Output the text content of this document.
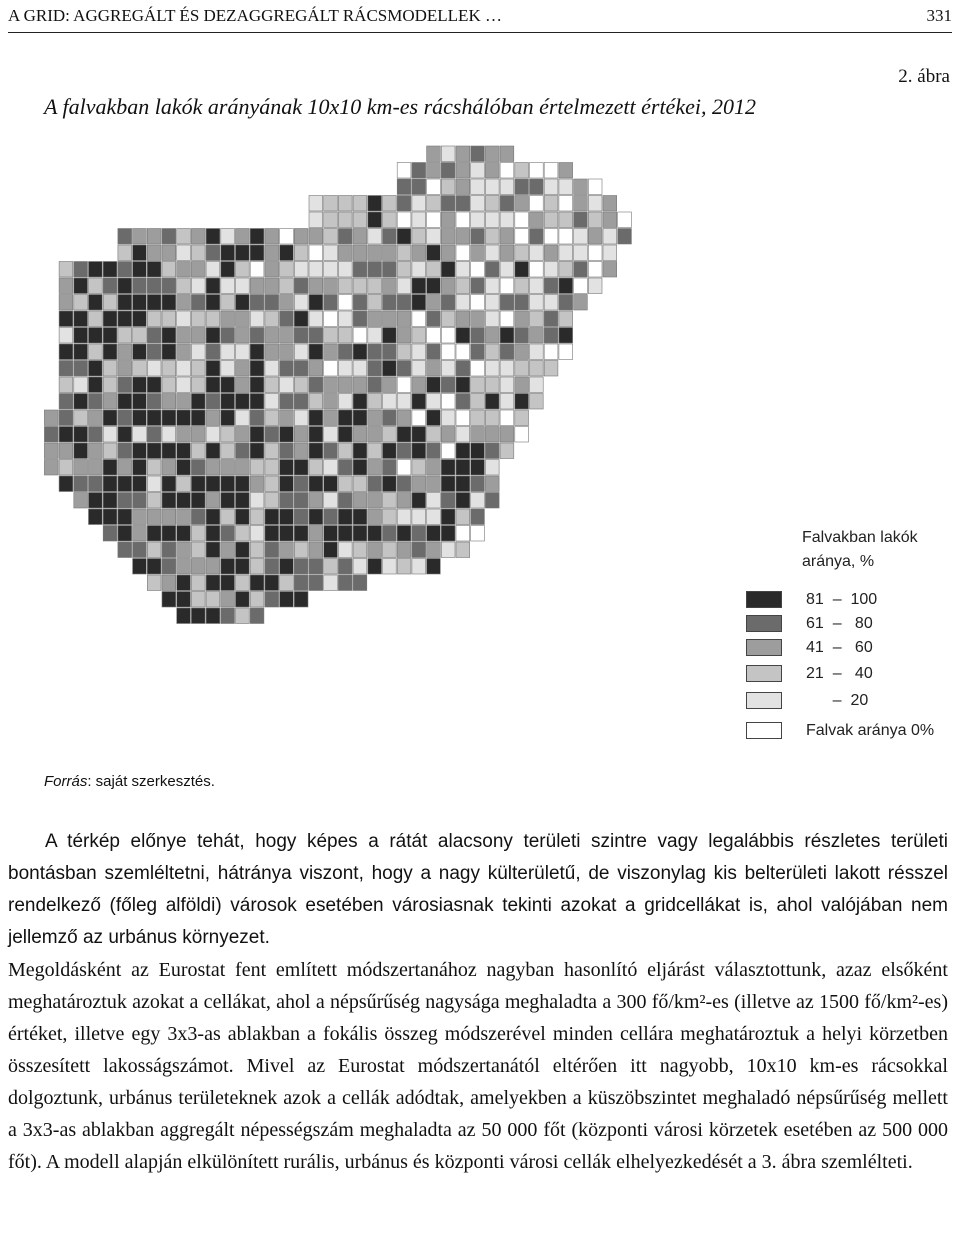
A GRID: AGGREGÁLT ÉS DEZAGGREGÁLT RÁCSMODELLEK …	331
2. ábra
A falvakban lakók arányának 10x10 km-es rácshálóban értelmezett értékei, 2012
Falvakban lakók
aránya, %
81  –  100
61  –   80
41  –   60
21  –   40
–  20
Falvak aránya 0%
Forrás: saját szerkesztés.

A térkép előnye tehát, hogy képes a rátát alacsony területi szintre vagy legalábbis részletes területi bontásban szemléltetni, hátránya viszont, hogy a nagy külterületű, de viszonylag kis belterületi lakott résszel rendelkező (főleg alföldi) városok esetében városiasnak tekinti azokat a gridcellákat is, ahol valójában nem jellemző az urbánus környezet.

Megoldásként az Eurostat fent említett módszertanához nagyban hasonlító eljárást választottunk, azaz elsőként meghatároztuk azokat a cellákat, ahol a népsűrűség nagysága meghaladta a 300 fő/km²-es (illetve az 1500 fő/km²-es) értéket, illetve egy 3x3-as ablakban a fokális összeg módszerével minden cellára meghatároztuk a helyi körzetben összesített lakosságszámot. Mivel az Eurostat módszertanától eltérően itt nagyobb, 10x10 km-es rácsokkal dolgoztunk, urbánus területeknek azok a cellák adódtak, amelyekben a küszöbszintet meghaladó népsűrűség mellett a 3x3-as ablakban aggregált népességszám meghaladta az 50 000 főt (központi városi körzetek esetében az 500 000 főt). A modell alapján elkülönített rurális, urbánus és központi városi cellák elhelyezkedését a 3. ábra szemlélteti.
